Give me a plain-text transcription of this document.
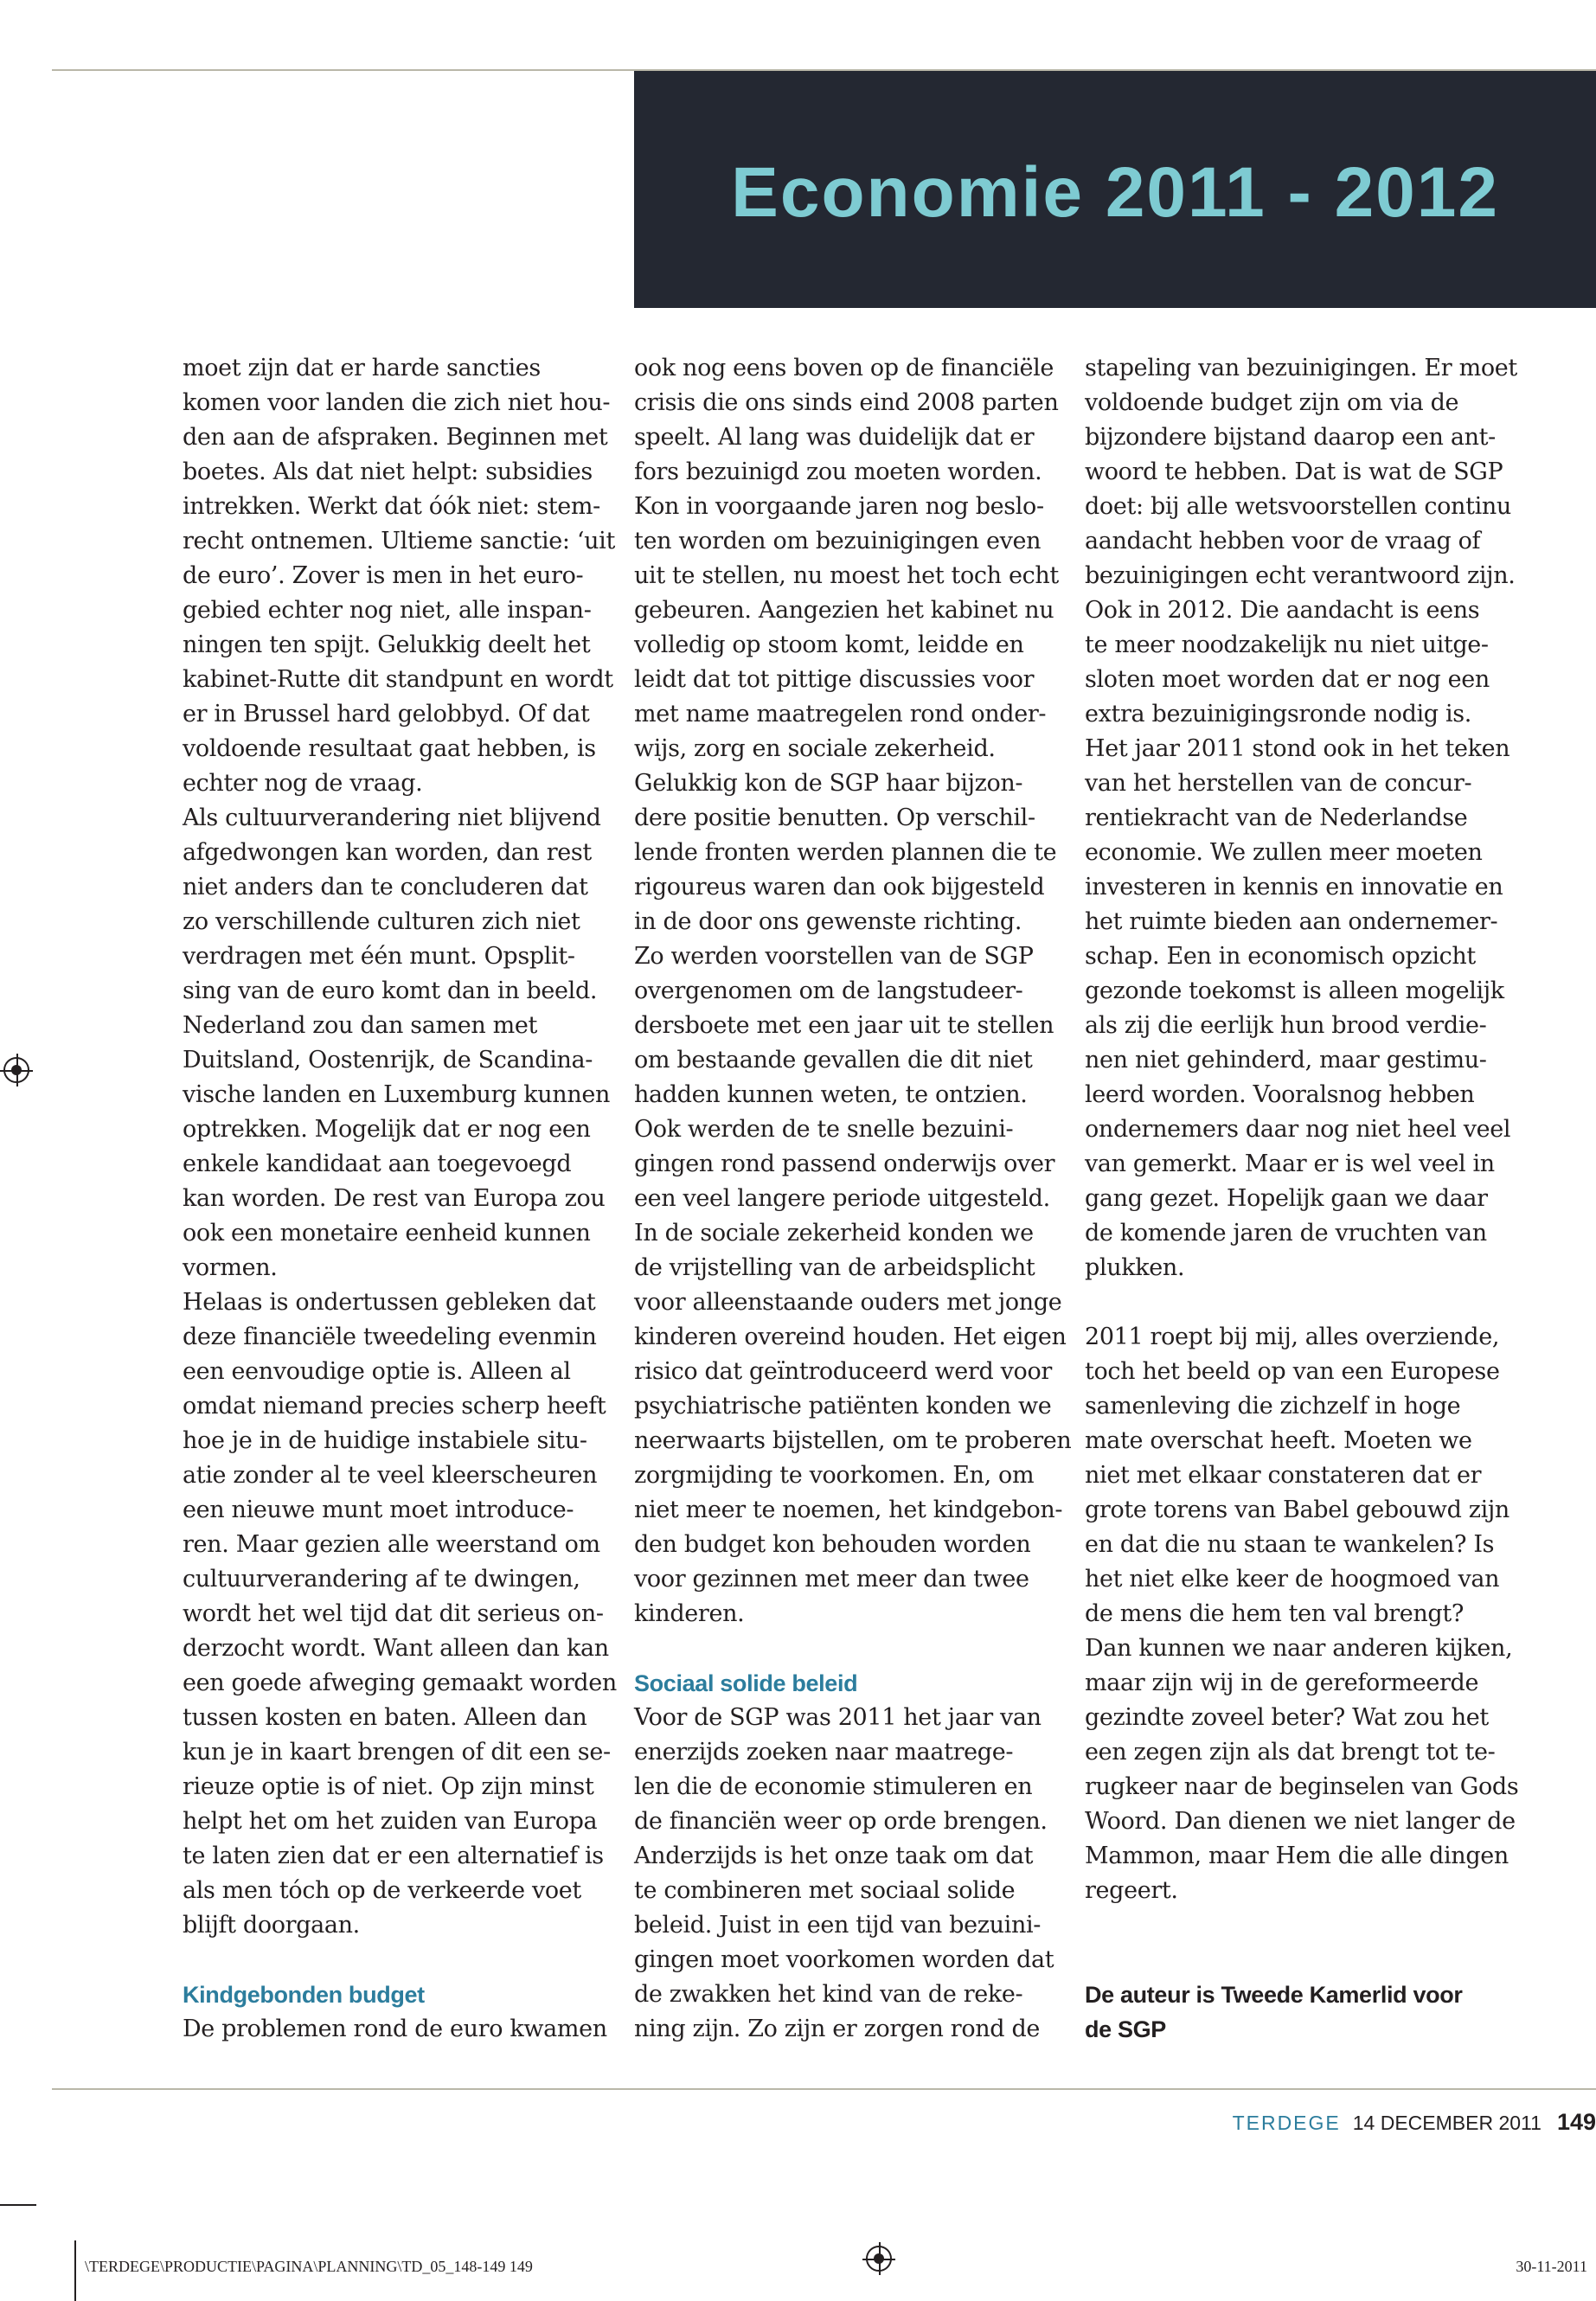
Economie 2011 - 2012

moet zijn dat er harde sancties
komen voor landen die zich niet hou-
den aan de afspraken. Beginnen met
boetes. Als dat niet helpt: subsidies
intrekken. Werkt dat óók niet: stem-
recht ontnemen. Ultieme sanctie: ‘uit
de euro’. Zover is men in het euro-
gebied echter nog niet, alle inspan-
ningen ten spijt. Gelukkig deelt het
kabinet-Rutte dit standpunt en wordt
er in Brussel hard gelobbyd. Of dat
voldoende resultaat gaat hebben, is
echter nog de vraag.

Als cultuurverandering niet blijvend
afgedwongen kan worden, dan rest
niet anders dan te concluderen dat
zo verschillende culturen zich niet
verdragen met één munt. Opsplit-
sing van de euro komt dan in beeld.
Nederland zou dan samen met
Duitsland, Oostenrijk, de Scandina-
vische landen en Luxemburg kunnen
optrekken. Mogelijk dat er nog een
enkele kandidaat aan toegevoegd
kan worden. De rest van Europa zou
ook een monetaire eenheid kunnen
vormen.

Helaas is ondertussen gebleken dat
deze financiële tweedeling evenmin
een eenvoudige optie is. Alleen al
omdat niemand precies scherp heeft
hoe je in de huidige instabiele situ-
atie zonder al te veel kleerscheuren
een nieuwe munt moet introduce-
ren. Maar gezien alle weerstand om
cultuurverandering af te dwingen,
wordt het wel tijd dat dit serieus on-
derzocht wordt. Want alleen dan kan
een goede afweging gemaakt worden
tussen kosten en baten. Alleen dan
kun je in kaart brengen of dit een se-
rieuze optie is of niet. Op zijn minst
helpt het om het zuiden van Europa
te laten zien dat er een alternatief is
als men tóch op de verkeerde voet
blijft doorgaan.

Kindgebonden budget

De problemen rond de euro kwamen

ook nog eens boven op de financiële
crisis die ons sinds eind 2008 parten
speelt. Al lang was duidelijk dat er
fors bezuinigd zou moeten worden.
Kon in voorgaande jaren nog beslo-
ten worden om bezuinigingen even
uit te stellen, nu moest het toch echt
gebeuren. Aangezien het kabinet nu
volledig op stoom komt, leidde en
leidt dat tot pittige discussies voor
met name maatregelen rond onder-
wijs, zorg en sociale zekerheid.
Gelukkig kon de SGP haar bijzon-
dere positie benutten. Op verschil-
lende fronten werden plannen die te
rigoureus waren dan ook bijgesteld
in de door ons gewenste richting.

Zo werden voorstellen van de SGP
overgenomen om de langstudeer-
dersboete met een jaar uit te stellen
om bestaande gevallen die dit niet
hadden kunnen weten, te ontzien.
Ook werden de te snelle bezuini-
gingen rond passend onderwijs over
een veel langere periode uitgesteld.
In de sociale zekerheid konden we
de vrijstelling van de arbeidsplicht
voor alleenstaande ouders met jonge
kinderen overeind houden. Het eigen
risico dat geïntroduceerd werd voor
psychiatrische patiënten konden we
neerwaarts bijstellen, om te proberen
zorgmijding te voorkomen. En, om
niet meer te noemen, het kindgebon-
den budget kon behouden worden
voor gezinnen met meer dan twee
kinderen.

Sociaal solide beleid

Voor de SGP was 2011 het jaar van
enerzijds zoeken naar maatrege-
len die de economie stimuleren en
de financiën weer op orde brengen.
Anderzijds is het onze taak om dat
te combineren met sociaal solide
beleid. Juist in een tijd van bezuini-
gingen moet voorkomen worden dat
de zwakken het kind van de reke-
ning zijn. Zo zijn er zorgen rond de

stapeling van bezuinigingen. Er moet
voldoende budget zijn om via de
bijzondere bijstand daarop een ant-
woord te hebben. Dat is wat de SGP
doet: bij alle wetsvoorstellen continu
aandacht hebben voor de vraag of
bezuinigingen echt verantwoord zijn.
Ook in 2012. Die aandacht is eens
te meer noodzakelijk nu niet uitge-
sloten moet worden dat er nog een
extra bezuinigingsronde nodig is.

Het jaar 2011 stond ook in het teken
van het herstellen van de concur-
rentiekracht van de Nederlandse
economie. We zullen meer moeten
investeren in kennis en innovatie en
het ruimte bieden aan ondernemer-
schap. Een in economisch opzicht
gezonde toekomst is alleen mogelijk
als zij die eerlijk hun brood verdie-
nen niet gehinderd, maar gestimu-
leerd worden. Vooralsnog hebben
ondernemers daar nog niet heel veel
van gemerkt. Maar er is wel veel in
gang gezet. Hopelijk gaan we daar
de komende jaren de vruchten van
plukken.

2011 roept bij mij, alles overziende,
toch het beeld op van een Europese
samenleving die zichzelf in hoge
mate overschat heeft. Moeten we
niet met elkaar constateren dat er
grote torens van Babel gebouwd zijn
en dat die nu staan te wankelen? Is
het niet elke keer de hoogmoed van
de mens die hem ten val brengt?
Dan kunnen we naar anderen kijken,
maar zijn wij in de gereformeerde
gezindte zoveel beter? Wat zou het
een zegen zijn als dat brengt tot te-
rugkeer naar de beginselen van Gods
Woord. Dan dienen we niet langer de
Mammon, maar Hem die alle dingen
regeert.

De auteur is Tweede Kamerlid voor
de SGP

TERDEGE 14 DECEMBER 2011 149
\TERDEGE\PRODUCTIE\PAGINA\PLANNING\TD_05_148-149 149	30-11-2011
